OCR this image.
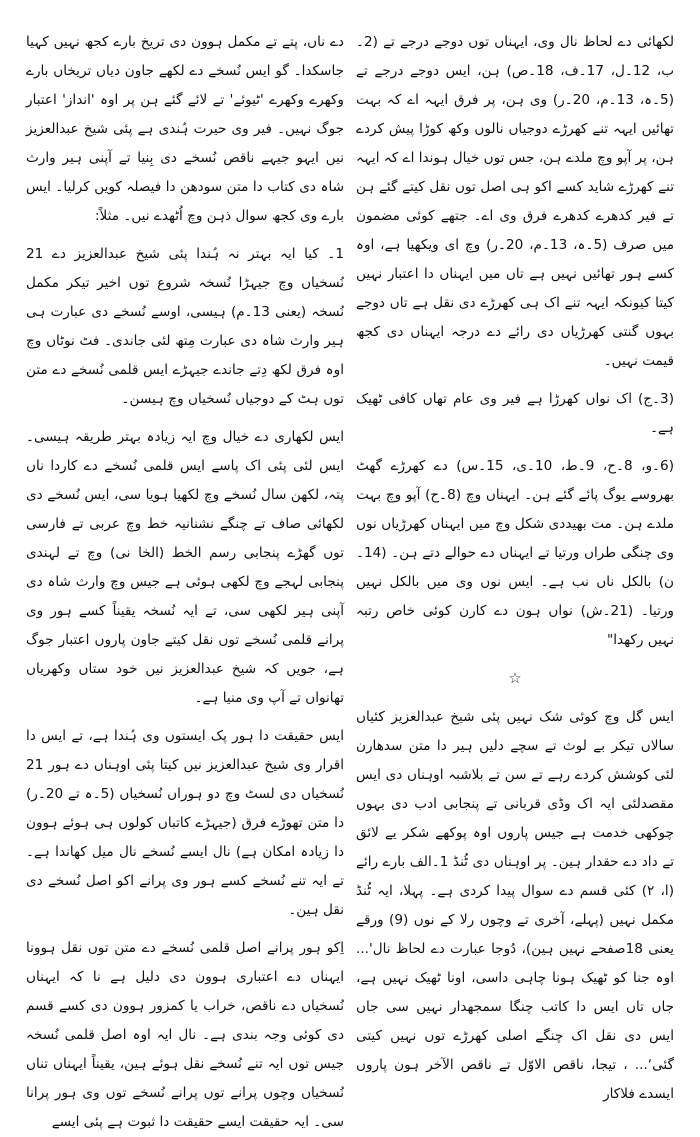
لکھائی دے لحاظ نال وی، ایہناں توں دوجے درجے تے (2۔ب، 12۔ل، 17۔ف، 18۔ص) ہن، ایس دوجے درجے تے (5۔ہ، 13۔م، 20۔ر) وی ہن، پر فرق ایہہ اے کہ بہت تھائیں ایہہ تنے کھرڑے دوجیاں نالوں وکھ کوڑا پیش کردے ہن، پر آپو وچ ملدے ہن، جس توں خیال ہوندا اے کہ ایہہ تنے کھرڑے شاید کسے اکو ہی اصل توں نقل کیتے گئے ہن تے فیر کدھرے کدھرے فرق وی اے۔ جتھے کوئی مضمون میں صرف (5۔ہ، 13۔م، 20۔ر) وچ ای ویکھیا ہے، اوہ کسے ہور تھائیں نہیں ہے تاں میں ایہناں دا اعتبار نہیں کیتا کیونکہ ایہہ تنے اک ہی کھرڑے دی نقل ہے تاں دوجے بہوں گنتی کھرڑیاں دی رائے دے درجہ ایہناں دی کجھ قیمت نہیں۔

(3۔ج) اک نواں کھرڑا ہے فیر وی عام تھاں کافی ٹھیک ہے۔

(6۔و، 8۔ح، 9۔ط، 10۔ی، 15۔س) دے کھرڑے گھٹ بھروسے یوگ پائے گئے ہن۔ ایہناں وچ (8۔ح) آپو وچ بہت ملدے ہن۔ مت بھیددی شکل وچ میں ایہناں کھرڑیاں نوں وی چنگی طراں ورتیا تے ایہناں دے حوالے دتے ہن۔ (14۔ن) بالکل ناں نب ہے۔ ایس نوں وی میں بالکل نہیں ورتیا۔ (21۔ش) نواں ہون دے کارن کوئی خاص رتبہ نہیں رکھدا"

☆

ایس گل وچ کوئی شک نہیں پئی شیخ عبدالعزیز کئیاں سالاں تیکر بے لوث تے سچے دلیں ہیر دا متن سدھارن لئی کوشش کردے رہے تے سن تے بلاشبہ اوہناں دی ایس مقصدلئی ایہ اک وڈی قربانی تے پنجابی ادب دی بہوں چوکھی خدمت ہے جیس پاروں اوہ پوکھے شکر یے لائق تے داد دے حقدار ہین۔ پر اوہناں دی ٹُنڈ 1۔الف بارے رائے (ا، ۲) کئی قسم دے سوال پیدا کردی ہے۔ پہلا، ایہ ٹُنڈ مکمل نہیں (پہلے، آخری تے وچوں رلا کے نوں (9) ورقے یعنی 18صفحے نہیں ہین)، دُوجا عبارت دے لحاظ نال'... اوہ جنا کو ٹھیک ہونا چاہی داسی، اونا ٹھیک نہیں ہے، جاں تاں ایس دا کاتب چنگا سمجھدار نہیں سی جاں ایس دی نقل اک چنگے اصلی کھرڑے توں نہیں کیتی گئی‘... ، تیجا، ناقص الاوّل تے ناقص الآخر ہون پاروں ایسدے فلاکار

دے ناں، پتے تے مکمل ہوون دی تریخ بارے کجھ نہیں کہیا جاسکدا۔ گو ایس نُسخے دے لکھے جاون دیاں تریخاں بارے وکھرے وکھرے 'ٹیوئے' تے لائے گئے ہن پر اوہ 'انداز' اعتبار جوگ نہیں۔ فیر وی حیرت ہُندی ہے پئی شیخ عبدالعزیز نیں ایہو جیہے ناقص نُسخے دی بِنیا تے آپنی ہیر وارث شاہ دی کتاب دا متن سودھن دا فیصلہ کویں کرلیا۔ ایس بارے وی کجھ سوال ذہن وچ اُٹھدے نیں۔ مثلاً:

1۔ کیا ایہ بہتر نہ ہُندا پئی شیخ عبدالعزیز دے 21 نُسخیاں وچ جیہڑا نُسخہ شروع توں اخیر تیکر مکمل نُسخہ (یعنی 13۔م) ہیسی، اوسے نُسخے دی عبارت ہی ہیر وارث شاہ دی عبارت مِتھ لئی جاندی۔ فٹ نوٹاں وچ اوہ فرق لکھ دِتے جاندے جیہڑے ایس قلمی نُسخے دے متن توں ہٹ کے دوجیاں نُسخیاں وچ ہیسن۔

ایس لکھاری دے خیال وچ ایہ زیادہ بہتر طریقہ ہیسی۔ ایس لئی پئی اک پاسے ایس قلمی نُسخے دے کاردا ناں پتہ، لکھن سال نُسخے وچ لکھیا ہویا سی، ایس نُسخے دی لکھائی صاف تے چنگے نشنانیہ خط وچ عربی تے فارسی توں گھڑے پنجابی رسم الخط (الخا نی) وچ تے لہندی پنجابی لہجے وچ لکھی ہوئی ہے جیس وچ وارث شاہ دی آپنی ہیر لکھی سی، تے ایہ نُسخہ یقیناً کسے ہور وی پرانے قلمی نُسخے توں نقل کیتے جاون پاروں اعتبار جوگ ہے، جویں کہ شیخ عبدالعزیز نیں خود ستاں وکھریاں تھانواں تے آپ وی منیا ہے۔

ایس حقیقت دا ہور پک ایستوں وی ہُندا ہے، تے ایس دا اقرار وی شیخ عبدالعزیز نیں کیتا پئی اوہناں دے ہور 21 نُسخیاں دی لسٹ وچ دو ہوراں نُسخیاں (5۔ہ تے 20۔ر) دا متن تھوڑے فرق (جیہڑے کاتباں کولوں ہی ہوئے ہوون دا زیادہ امکان ہے) نال ایسے نُسخے نال میل کھاندا ہے۔ تے ایہ تنے نُسخے کسے ہور وی پرانے اکو اصل نُسخے دی نقل ہین۔

اِکو ہور پرانے اصل قلمی نُسخے دے متن توں نقل ہوونا ایہناں دے اعتباری ہوون دی دلیل ہے نا کہ ایہناں نُسخیاں دے ناقص، خراب یا کمزور ہوون دی کسے قسم دی کوئی وجہ بندی ہے۔ نال ایہ اوہ اصل قلمی نُسخہ جیس توں ایہ تنے نُسخے نقل ہوئے ہین، یقیناً ایہناں تناں نُسخیاں وچوں پرانے توں پرانے نُسخے توں وی ہور پرانا سی۔ ایہ حقیقت ایسے حقیقت دا ثبوت ہے پئی ایسے
